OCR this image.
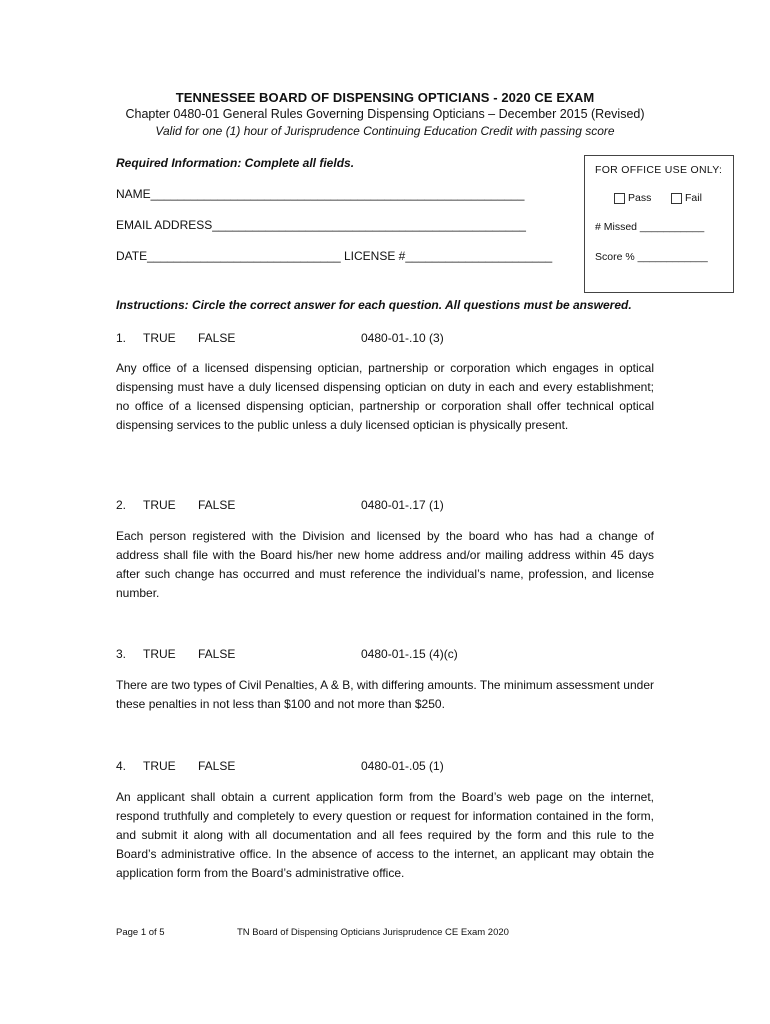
TENNESSEE BOARD OF DISPENSING OPTICIANS - 2020 CE EXAM
Chapter 0480-01 General Rules Governing Dispensing Opticians – December 2015 (Revised)
Valid for one (1) hour of Jurisprudence Continuing Education Credit with passing score
Required Information: Complete all fields.
NAME________________________________________________________
EMAIL ADDRESS_______________________________________________
DATE_____________________________ LICENSE #______________________
FOR OFFICE USE ONLY:
Pass	Fail
# Missed ___________
Score % ____________
Instructions: Circle the correct answer for each question. All questions must be answered.
1. TRUE FALSE	0480-01-.10 (3)
Any office of a licensed dispensing optician, partnership or corporation which engages in optical dispensing must have a duly licensed dispensing optician on duty in each and every establishment; no office of a licensed dispensing optician, partnership or corporation shall offer technical optical dispensing services to the public unless a duly licensed optician is physically present.
2. TRUE FALSE	0480-01-.17 (1)
Each person registered with the Division and licensed by the board who has had a change of address shall file with the Board his/her new home address and/or mailing address within 45 days after such change has occurred and must reference the individual’s name, profession, and license number.
3. TRUE FALSE	0480-01-.15 (4)(c)
There are two types of Civil Penalties, A & B, with differing amounts. The minimum assessment under these penalties in not less than $100 and not more than $250.
4. TRUE FALSE	0480-01-.05 (1)
An applicant shall obtain a current application form from the Board’s web page on the internet, respond truthfully and completely to every question or request for information contained in the form, and submit it along with all documentation and all fees required by the form and this rule to the Board’s administrative office. In the absence of access to the internet, an applicant may obtain the application form from the Board’s administrative office.
Page 1 of 5	TN Board of Dispensing Opticians Jurisprudence CE Exam 2020
